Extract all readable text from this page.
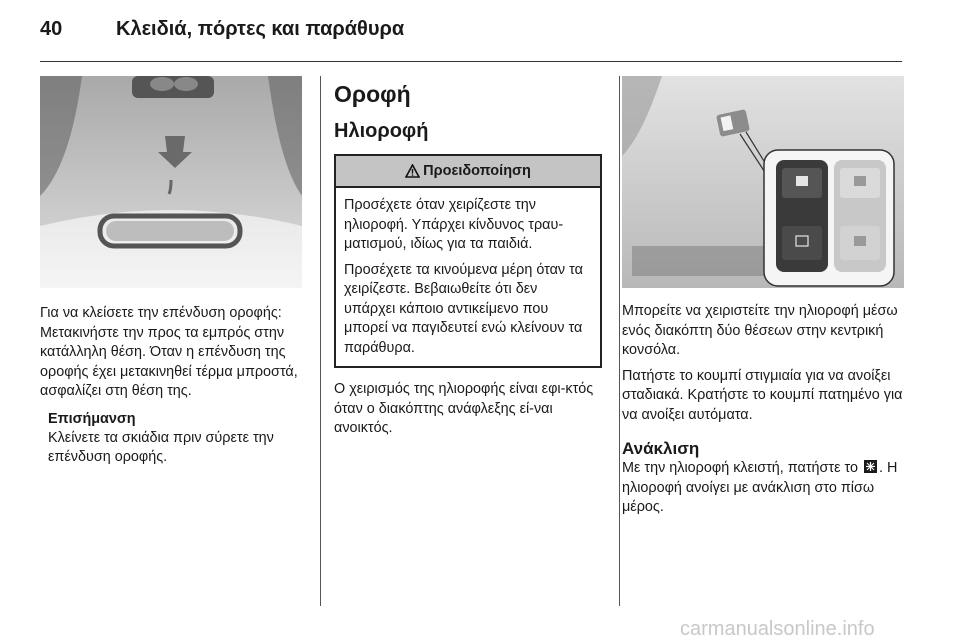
40	Κλειδιά, πόρτες και παράθυρα

Για να κλείσετε την επένδυση οροφής: Μετακινήστε την προς τα εμπρός στην κατάλληλη θέση. Όταν η επένδυση της οροφής έχει μετακινηθεί τέρμα μπροστά, ασφαλίζει στη θέση της.

Επισήμανση

Κλείνετε τα σκιάδια πριν σύρετε την επένδυση οροφής.

Οροφή
Ηλιοροφή
Προειδοποίηση

Προσέχετε όταν χειρίζεστε την ηλιοροφή. Υπάρχει κίνδυνος τραυ-ματισμού, ιδίως για τα παιδιά.

Προσέχετε τα κινούμενα μέρη όταν τα χειρίζεστε. Βεβαιωθείτε ότι δεν υπάρχει κάποιο αντικείμενο που μπορεί να παγιδευτεί ενώ κλείνουν τα παράθυρα.

Ο χειρισμός της ηλιοροφής είναι εφι-κτός όταν ο διακόπτης ανάφλεξης εί-ναι ανοικτός.

Μπορείτε να χειριστείτε την ηλιοροφή μέσω ενός διακόπτη δύο θέσεων στην κεντρική κονσόλα.

Πατήστε το κουμπί στιγμιαία για να ανοίξει σταδιακά. Κρατήστε το κουμπί πατημένο για να ανοίξει αυτόματα.

Ανάκλιση

Με την ηλιοροφή κλειστή, πατήστε το . Η ηλιοροφή ανοίγει με ανάκλιση στο πίσω μέρος.

carmanualsonline.info
